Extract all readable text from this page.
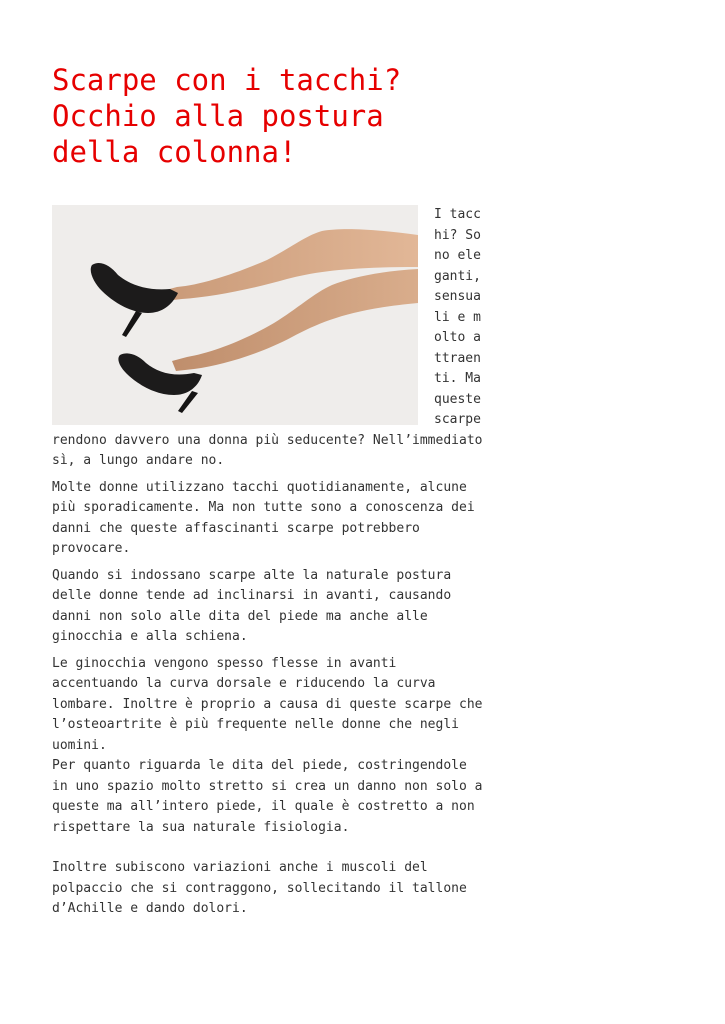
Scarpe con i tacchi? Occhio alla postura della colonna!

I tacchi? Sono eleganti, sensuali e molto attraenti. Ma queste scarpe rendono davvero una donna più seducente? Nell’immediato sì, a lungo andare no.

Molte donne utilizzano tacchi quotidianamente, alcune più sporadicamente. Ma non tutte sono a conoscenza dei danni che queste affascinanti scarpe potrebbero provocare.

Quando si indossano scarpe alte la naturale postura delle donne tende ad inclinarsi in avanti, causando danni non solo alle dita del piede ma anche alle ginocchia e alla schiena.

Le ginocchia vengono spesso flesse in avanti accentuando la curva dorsale e riducendo la curva lombare. Inoltre è proprio a causa di queste scarpe che l’osteoartrite è più frequente nelle donne che negli uomini.

Per quanto riguarda le dita del piede, costringendole in uno spazio molto stretto si crea un danno non solo a queste ma all’intero piede, il quale è costretto a non rispettare la sua naturale fisiologia.

Inoltre subiscono variazioni anche i muscoli del polpaccio che si contraggono, sollecitando il tallone d’Achille e dando dolori.
